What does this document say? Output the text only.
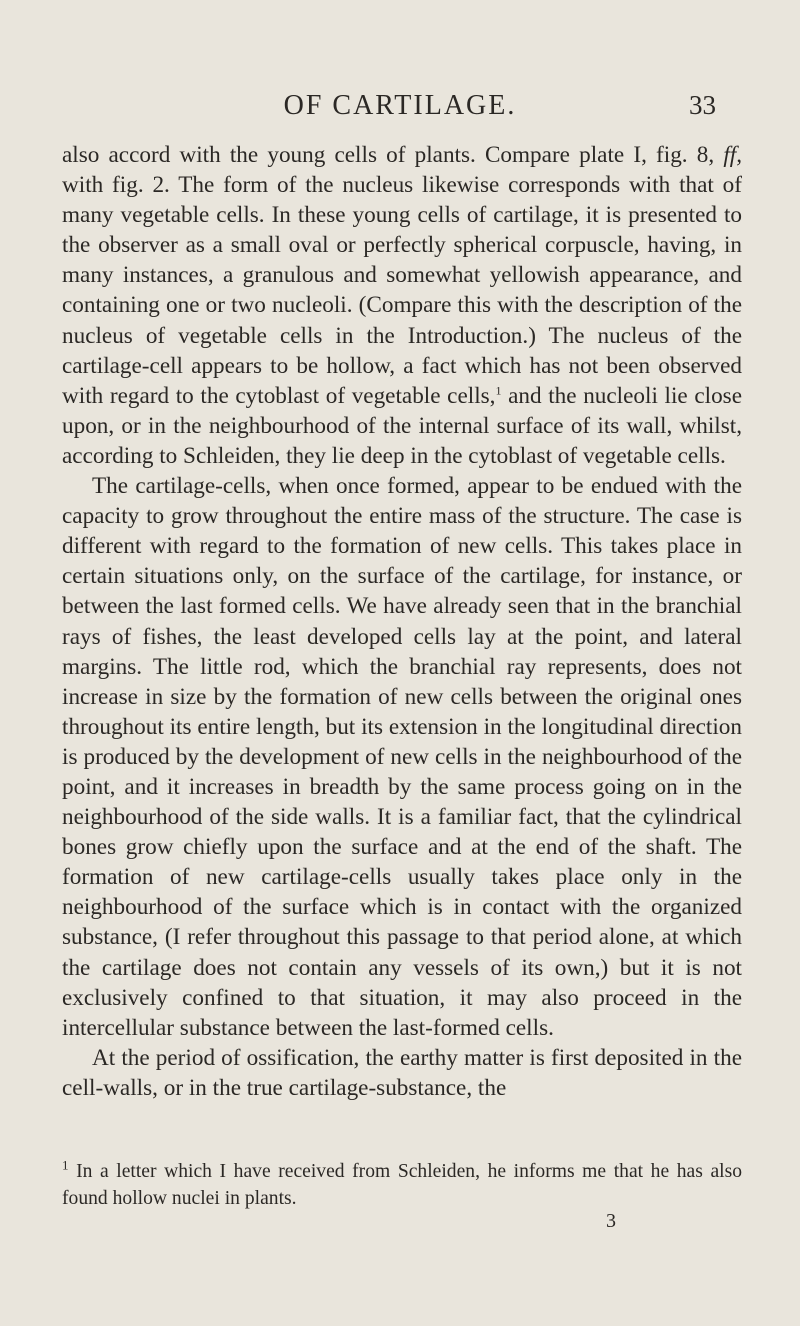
OF CARTILAGE.	33

also accord with the young cells of plants. Compare plate I, fig. 8, ff, with fig. 2. The form of the nucleus likewise corresponds with that of many vegetable cells. In these young cells of cartilage, it is presented to the observer as a small oval or perfectly spherical corpuscle, having, in many instances, a granulous and somewhat yellowish appearance, and containing one or two nucleoli. (Compare this with the description of the nucleus of vegetable cells in the Introduction.) The nucleus of the cartilage-cell appears to be hollow, a fact which has not been observed with regard to the cytoblast of vegetable cells,$^1$ and the nucleoli lie close upon, or in the neighbourhood of the internal surface of its wall, whilst, according to Schleiden, they lie deep in the cytoblast of vegetable cells.

The cartilage-cells, when once formed, appear to be endued with the capacity to grow throughout the entire mass of the structure. The case is different with regard to the formation of new cells. This takes place in certain situations only, on the surface of the cartilage, for instance, or between the last formed cells. We have already seen that in the branchial rays of fishes, the least developed cells lay at the point, and lateral margins. The little rod, which the branchial ray represents, does not increase in size by the formation of new cells between the original ones throughout its entire length, but its extension in the longitudinal direction is produced by the development of new cells in the neighbourhood of the point, and it increases in breadth by the same process going on in the neighbourhood of the side walls. It is a familiar fact, that the cylindrical bones grow chiefly upon the surface and at the end of the shaft. The formation of new cartilage-cells usually takes place only in the neighbourhood of the surface which is in contact with the organized substance, (I refer throughout this passage to that period alone, at which the cartilage does not contain any vessels of its own,) but it is not exclusively confined to that situation, it may also proceed in the intercellular substance between the last-formed cells.

At the period of ossification, the earthy matter is first deposited in the cell-walls, or in the true cartilage-substance, the

$^1$ In a letter which I have received from Schleiden, he informs me that he has also found hollow nuclei in plants.
3
